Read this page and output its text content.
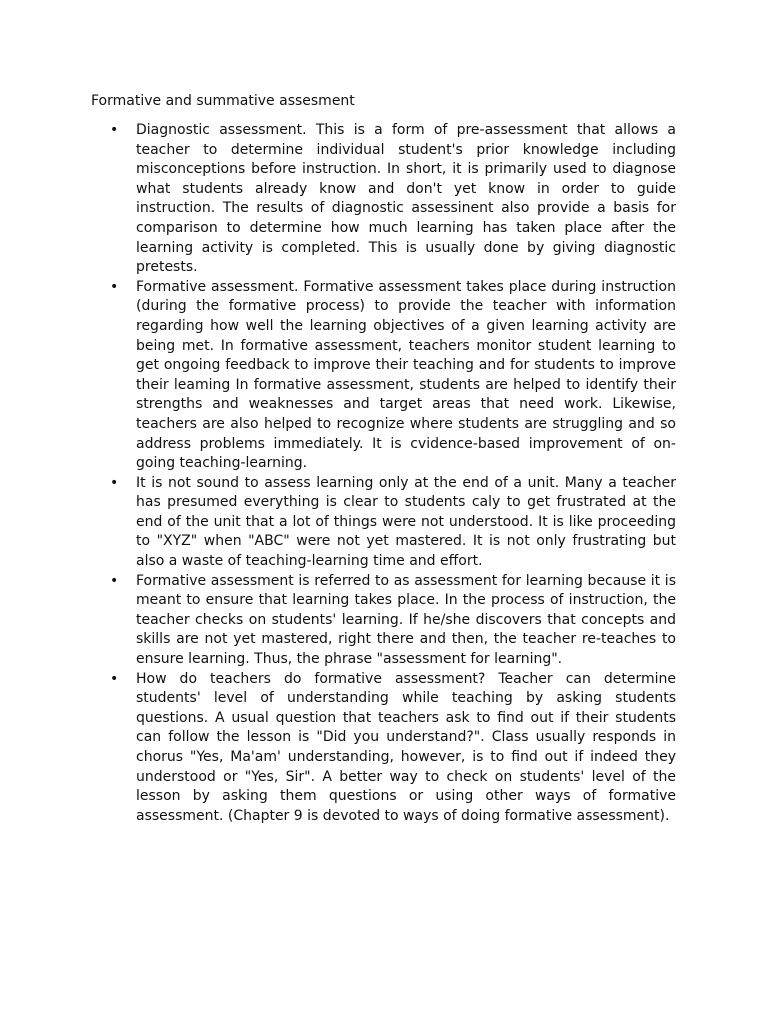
Formative and summative assesment
• Diagnostic assessment. This is a form of pre-assessment that allows a teacher to determine individual student's prior knowledge including misconceptions before instruction. In short, it is primarily used to diagnose what students already know and don't yet know in order to guide instruction. The results of diagnostic assessinent also provide a basis for comparison to determine how much learning has taken place after the learning activity is completed. This is usually done by giving diagnostic pretests.
• Formative assessment. Formative assessment takes place during instruction (during the formative process) to provide the teacher with information regarding how well the learning objectives of a given learning activity are being met. In formative assessment, teachers monitor student learning to get ongoing feedback to improve their teaching and for students to improve their leaming In formative assessment, students are helped to identify their strengths and weaknesses and target areas that need work. Likewise, teachers are also helped to recognize where students are struggling and so address problems immediately. It is cvidence-based improvement of on-going teaching-learning.
• It is not sound to assess learning only at the end of a unit. Many a teacher has presumed everything is clear to students caly to get frustrated at the end of the unit that a lot of things were not understood. It is like proceeding to "XYZ" when "ABC" were not yet mastered. It is not only frustrating but also a waste of teaching-learning time and effort.
• Formative assessment is referred to as assessment for learning because it is meant to ensure that learning takes place. In the process of instruction, the teacher checks on students' learning. If he/she discovers that concepts and skills are not yet mastered, right there and then, the teacher re-teaches to ensure learning. Thus, the phrase "assessment for learning".
• How do teachers do formative assessment? Teacher can determine students' level of understanding while teaching by asking students questions. A usual question that teachers ask to find out if their students can follow the lesson is "Did you understand?". Class usually responds in chorus "Yes, Ma'am' understanding, however, is to find out if indeed they understood or "Yes, Sir". A better way to check on students' level of the lesson by asking them questions or using other ways of formative assessment. (Chapter 9 is devoted to ways of doing formative assessment).
